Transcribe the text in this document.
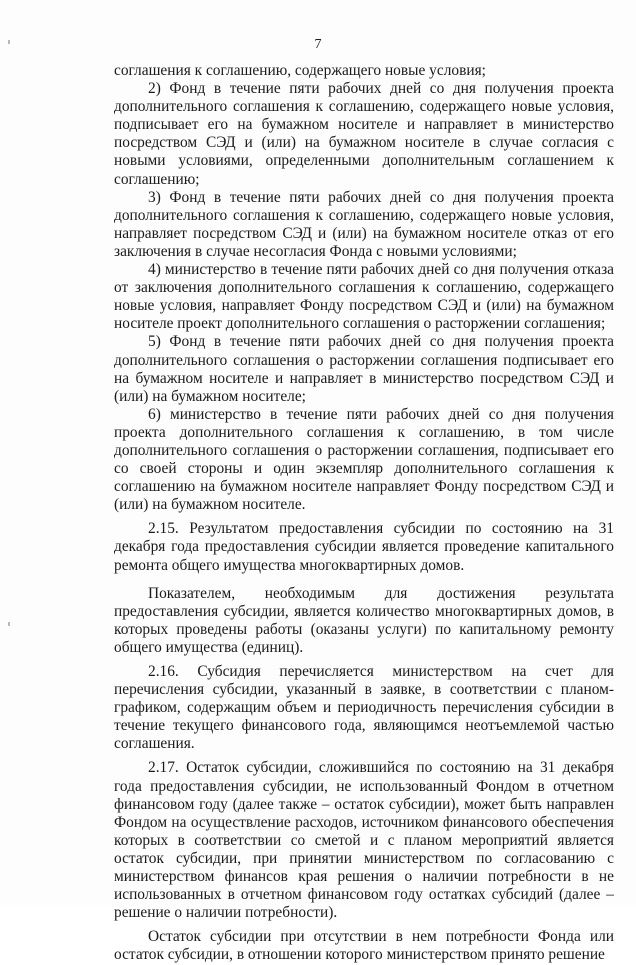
7

соглашения к соглашению, содержащего новые условия;

2) Фонд в течение пяти рабочих дней со дня получения проекта дополнительного соглашения к соглашению, содержащего новые условия, подписывает его на бумажном носителе и направляет в министерство посредством СЭД и (или) на бумажном носителе в случае согласия с новыми условиями, определенными дополнительным соглашением к соглашению;

3) Фонд в течение пяти рабочих дней со дня получения проекта дополнительного соглашения к соглашению, содержащего новые условия, направляет посредством СЭД и (или) на бумажном носителе отказ от его заключения в случае несогласия Фонда с новыми условиями;

4) министерство в течение пяти рабочих дней со дня получения отказа от заключения дополнительного соглашения к соглашению, содержащего новые условия, направляет Фонду посредством СЭД и (или) на бумажном носителе проект дополнительного соглашения о расторжении соглашения;

5) Фонд в течение пяти рабочих дней со дня получения проекта дополнительного соглашения о расторжении соглашения подписывает его на бумажном носителе и направляет в министерство посредством СЭД и (или) на бумажном носителе;

6) министерство в течение пяти рабочих дней со дня получения проекта дополнительного соглашения к соглашению, в том числе дополнительного соглашения о расторжении соглашения, подписывает его со своей стороны и один экземпляр дополнительного соглашения к соглашению на бумажном носителе направляет Фонду посредством СЭД и (или) на бумажном носителе.

2.15. Результатом предоставления субсидии по состоянию на 31 декабря года предоставления субсидии является проведение капитального ремонта общего имущества многоквартирных домов.

Показателем, необходимым для достижения результата предоставления субсидии, является количество многоквартирных домов, в которых проведены работы (оказаны услуги) по капитальному ремонту общего имущества (единиц).

2.16. Субсидия перечисляется министерством на счет для перечисления субсидии, указанный в заявке, в соответствии с планом-графиком, содержащим объем и периодичность перечисления субсидии в течение текущего финансового года, являющимся неотъемлемой частью соглашения.

2.17. Остаток субсидии, сложившийся по состоянию на 31 декабря года предоставления субсидии, не использованный Фондом в отчетном финансовом году (далее также – остаток субсидии), может быть направлен Фондом на осуществление расходов, источником финансового обеспечения которых в соответствии со сметой и с планом мероприятий является остаток субсидии, при принятии министерством по согласованию с министерством финансов края решения о наличии потребности в не использованных в отчетном финансовом году остатках субсидий (далее – решение о наличии потребности).

Остаток субсидии при отсутствии в нем потребности Фонда или остаток субсидии, в отношении которого министерством принято решение
